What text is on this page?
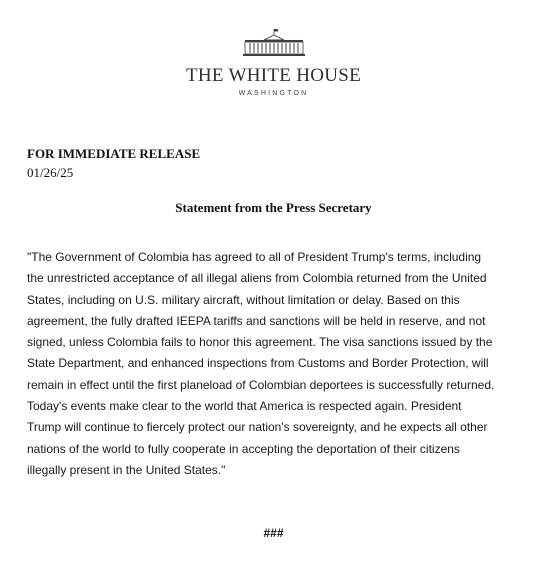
THE WHITE HOUSE
WASHINGTON
FOR IMMEDIATE RELEASE
01/26/25
Statement from the Press Secretary

"The Government of Colombia has agreed to all of President Trump's terms, including the unrestricted acceptance of all illegal aliens from Colombia returned from the United States, including on U.S. military aircraft, without limitation or delay. Based on this agreement, the fully drafted IEEPA tariffs and sanctions will be held in reserve, and not signed, unless Colombia fails to honor this agreement. The visa sanctions issued by the State Department, and enhanced inspections from Customs and Border Protection, will remain in effect until the first planeload of Colombian deportees is successfully returned. Today's events make clear to the world that America is respected again. President Trump will continue to fiercely protect our nation's sovereignty, and he expects all other nations of the world to fully cooperate in accepting the deportation of their citizens illegally present in the United States."

###
